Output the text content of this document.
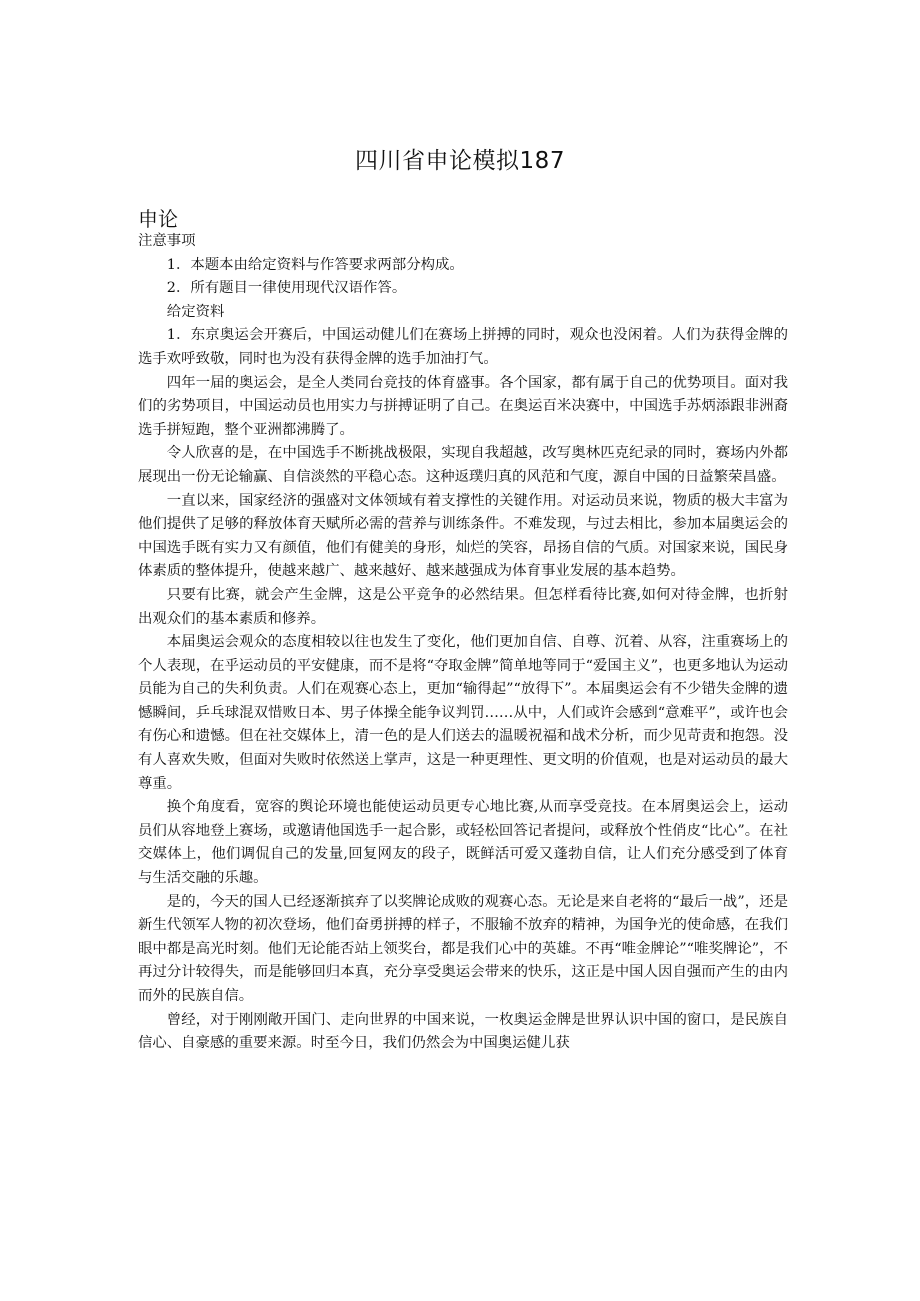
四川省申论模拟187
申论

注意事项

1．本题本由给定资料与作答要求两部分构成。

2．所有题目一律使用现代汉语作答。

给定资料

1．东京奥运会开赛后，中国运动健儿们在赛场上拼搏的同时，观众也没闲着。人们为获得金牌的选手欢呼致敬，同时也为没有获得金牌的选手加油打气。

四年一届的奥运会，是全人类同台竞技的体育盛事。各个国家，都有属于自己的优势项目。面对我们的劣势项目，中国运动员也用实力与拼搏证明了自己。在奥运百米决赛中，中国选手苏炳添跟非洲裔选手拼短跑，整个亚洲都沸腾了。

令人欣喜的是，在中国选手不断挑战极限，实现自我超越，改写奥林匹克纪录的同时，赛场内外都展现出一份无论输赢、自信淡然的平稳心态。这种返璞归真的风范和气度，源自中国的日益繁荣昌盛。

一直以来，国家经济的强盛对文体领域有着支撑性的关键作用。对运动员来说，物质的极大丰富为他们提供了足够的释放体育天赋所必需的营养与训练条件。不难发现，与过去相比，参加本届奥运会的中国选手既有实力又有颜值，他们有健美的身形，灿烂的笑容，昂扬自信的气质。对国家来说，国民身体素质的整体提升，使越来越广、越来越好、越来越强成为体育事业发展的基本趋势。

只要有比赛，就会产生金牌，这是公平竞争的必然结果。但怎样看待比赛,如何对待金牌，也折射出观众们的基本素质和修养。

本届奥运会观众的态度相较以往也发生了变化，他们更加自信、自尊、沉着、从容，注重赛场上的个人表现，在乎运动员的平安健康，而不是将“夺取金牌”简单地等同于“爱国主义”，也更多地认为运动员能为自己的失利负责。人们在观赛心态上，更加“输得起”“放得下”。本届奥运会有不少错失金牌的遗憾瞬间，乒乓球混双惜败日本、男子体操全能争议判罚……从中，人们或许会感到“意难平”，或许也会有伤心和遗憾。但在社交媒体上，清一色的是人们送去的温暖祝福和战术分析，而少见苛责和抱怨。没有人喜欢失败，但面对失败时依然送上掌声，这是一种更理性、更文明的价值观，也是对运动员的最大尊重。

换个角度看，宽容的舆论环境也能使运动员更专心地比赛,从而享受竞技。在本屑奥运会上，运动员们从容地登上赛场，或邀请他国选手一起合影，或轻松回答记者提问，或释放个性俏皮“比心”。在社交媒体上，他们调侃自己的发量,回复网友的段子，既鲜活可爱又蓬勃自信，让人们充分感受到了体育与生活交融的乐趣。

是的，今天的国人已经逐渐摈弃了以奖牌论成败的观赛心态。无论是来自老将的“最后一战”，还是新生代领军人物的初次登场，他们奋勇拼搏的样子，不服输不放弃的精神，为国争光的使命感，在我们眼中都是高光时刻。他们无论能否站上领奖台，都是我们心中的英雄。不再“唯金牌论”“唯奖牌论”，不再过分计较得失，而是能够回归本真，充分享受奥运会带来的快乐，这正是中国人因自强而产生的由内而外的民族自信。

曾经，对于刚刚敞开国门、走向世界的中国来说，一枚奥运金牌是世界认识中国的窗口，是民族自信心、自豪感的重要来源。时至今日，我们仍然会为中国奥运健儿获
